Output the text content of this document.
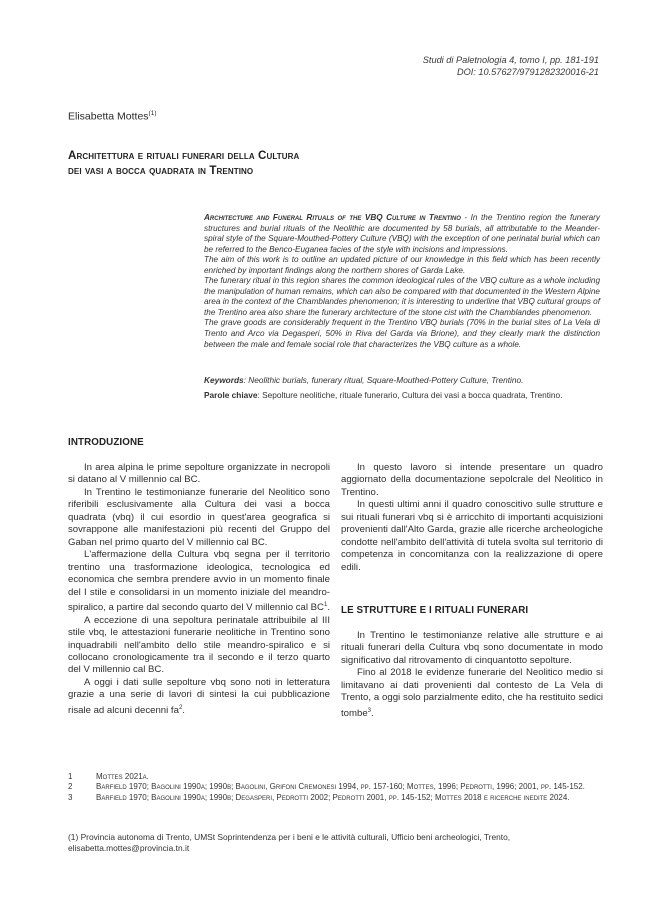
Studi di Paletnologia 4, tomo I, pp. 181-191
DOI: 10.57627/9791282320016-21
Elisabetta Mottes$^{(1)}$
Architettura e rituali funerari della Cultura
dei vasi a bocca quadrata in Trentino

Architecture and Funeral Rituals of the VBQ Culture in Trentino - In the Trentino region the funerary structures and burial rituals of the Neolithic are documented by 58 burials, all attributable to the Meander-spiral style of the Square-Mouthed-Pottery Culture (VBQ) with the exception of one perinatal burial which can be referred to the Benco-Euganea facies of the style with incisions and impressions.

The aim of this work is to outline an updated picture of our knowledge in this field which has been recently enriched by important findings along the northern shores of Garda Lake.

The funerary ritual in this region shares the common ideological rules of the VBQ culture as a whole including the manipulation of human remains, which can also be compared with that documented in the Western Alpine area in the context of the Chamblandes phenomenon; it is interesting to underline that VBQ cultural groups of the Trentino area also share the funerary architecture of the stone cist with the Chamblandes phenomenon.

The grave goods are considerably frequent in the Trentino VBQ burials (70% in the burial sites of La Vela di Trento and Arco via Degasperi, 50% in Riva del Garda via Brione), and they clearly mark the distinction between the male and female social role that characterizes the VBQ culture as a whole.

Keywords: Neolithic burials, funerary ritual, Square-Mouthed-Pottery Culture, Trentino.
Parole chiave: Sepolture neolitiche, rituale funerario, Cultura dei vasi a bocca quadrata, Trentino.
INTRODUZIONE

In area alpina le prime sepolture organizzate in necropoli si datano al V millennio cal BC.

In Trentino le testimonianze funerarie del Neolitico sono riferibili esclusivamente alla Cultura dei vasi a bocca quadrata (vbq) il cui esordio in quest'area geografica si sovrappone alle manifestazioni più recenti del Gruppo del Gaban nel primo quarto del V millennio cal BC.

L'affermazione della Cultura vbq segna per il territorio trentino una trasformazione ideologica, tecnologica ed economica che sembra prendere avvio in un momento finale del I stile e consolidarsi in un momento iniziale del meandro-spiralico, a partire dal secondo quarto del V millennio cal $BC^1$.

A eccezione di una sepoltura perinatale attribuibile al III stile vbq, le attestazioni funerarie neolitiche in Trentino sono inquadrabili nell'ambito dello stile meandro-spiralico e si collocano cronologicamente tra il secondo e il terzo quarto del V millennio cal BC.

A oggi i dati sulle sepolture vbq sono noti in letteratura grazie a una serie di lavori di sintesi la cui pubblicazione risale ad alcuni decenni $fa^2$.

In questo lavoro si intende presentare un quadro aggiornato della documentazione sepolcrale del Neolitico in Trentino.

In questi ultimi anni il quadro conoscitivo sulle strutture e sui rituali funerari vbq si è arricchito di importanti acquisizioni provenienti dall'Alto Garda, grazie alle ricerche archeologiche condotte nell'ambito dell'attività di tutela svolta sul territorio di competenza in concomitanza con la realizzazione di opere edili.

LE STRUTTURE E I RITUALI FUNERARI

In Trentino le testimonianze relative alle strutture e ai rituali funerari della Cultura vbq sono documentate in modo significativo dal ritrovamento di cinquantotto sepolture.

Fino al 2018 le evidenze funerarie del Neolitico medio si limitavano ai dati provenienti dal contesto de La Vela di Trento, a oggi solo parzialmente edito, che ha restituito sedici tombe$^3$.

1	Mottes 2021a.
2	Barfield 1970; Bagolini 1990a; 1990b; Bagolini, Grifoni Cremonesi 1994, pp. 157-160; Mottes, 1996; Pedrotti, 1996; 2001, pp. 145-152.
3	Barfield 1970; Bagolini 1990a; 1990b; Degasperi, Pedrotti 2002; Pedrotti 2001, pp. 145-152; Mottes 2018 e ricerche inedite 2024.
(1) Provincia autonoma di Trento, UMSt Soprintendenza per i beni e le attività culturali, Ufficio beni archeologici, Trento, elisabetta.mottes@provincia.tn.it
